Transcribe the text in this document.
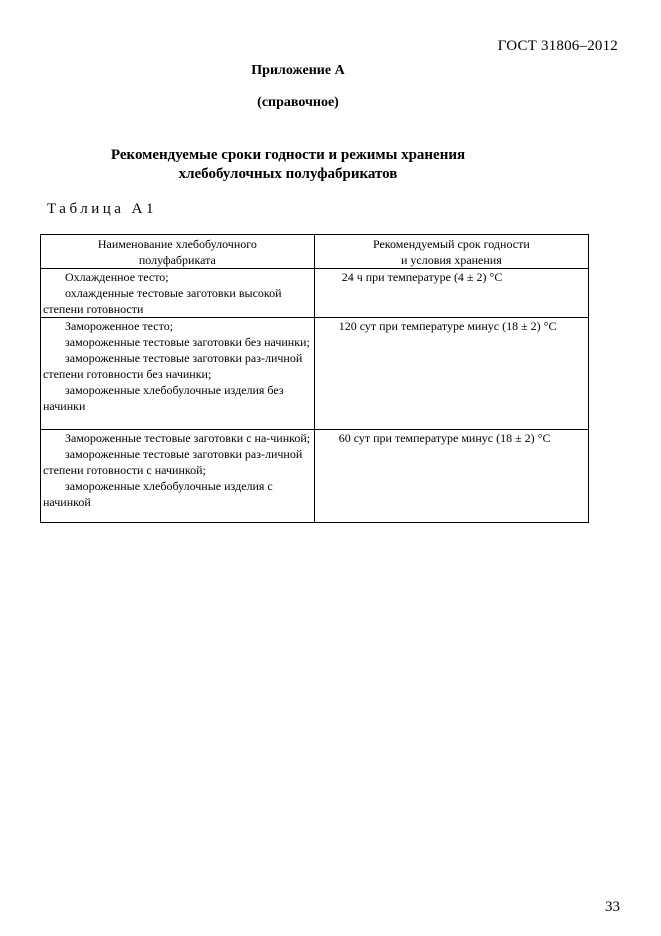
ГОСТ 31806–2012
Приложение А
(справочное)
Рекомендуемые сроки годности и режимы хранения
хлебобулочных полуфабрикатов
Таблица А1
Наименование хлебобулочного
полуфабриката	Рекомендуемый срок годности
и условия хранения

Охлажденное тесто;
охлажденные тестовые заготовки высокой степени готовности	24 ч при температуре (4 ± 2) °С

Замороженное тесто;
замороженные тестовые заготовки без начинки;
замороженные тестовые заготовки раз-личной степени готовности без начинки;
замороженные хлебобулочные изделия без начинки	120 сут при температуре минус (18 ± 2) °С

Замороженные тестовые заготовки с на-чинкой;
замороженные тестовые заготовки раз-личной степени готовности с начинкой;
замороженные хлебобулочные изделия с начинкой	60 сут при температуре минус (18 ± 2) °С
33
